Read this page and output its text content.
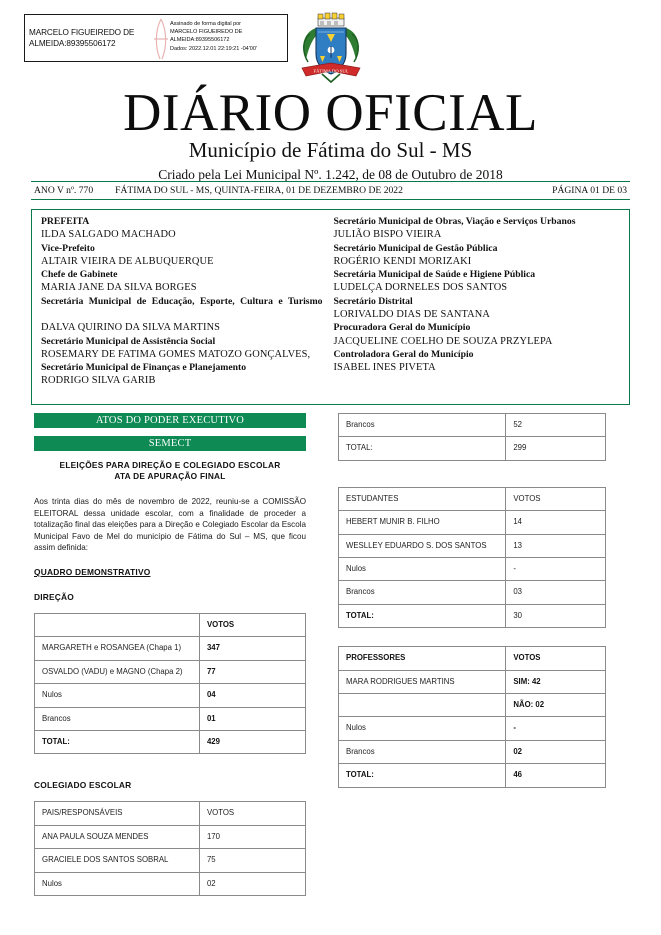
MARCELO FIGUEIREDO DE
ALMEIDA:89395506172
Assinado de forma digital por
MARCELO FIGUEIREDO DE
ALMEIDA:89395506172
Dados: 2022.12.01 22:19:21 -04'00'
FÁTIMA DO SUL
DIÁRIO OFICIAL
Município de Fátima do Sul - MS
Criado pela Lei Municipal Nº. 1.242, de 08 de Outubro de 2018
ANO V nº. 770 FÁTIMA DO SUL - MS, QUINTA-FEIRA, 01 DE DEZEMBRO DE 2022	PÁGINA 01 DE 03
PREFEITA
ILDA SALGADO MACHADO
Vice-Prefeito
ALTAIR VIEIRA DE ALBUQUERQUE
Chefe de Gabinete
MARIA JANE DA SILVA BORGES
Secretária Municipal de Educação, Esporte, Cultura e Turismo
DALVA QUIRINO DA SILVA MARTINS
Secretário Municipal de Assistência Social
ROSEMARY DE FATIMA GOMES MATOZO GONÇALVES,
Secretário Municipal de Finanças e Planejamento
RODRIGO SILVA GARIB
Secretário Municipal de Obras, Viação e Serviços Urbanos
JULIÃO BISPO VIEIRA
Secretário Municipal de Gestão Pública
ROGÉRIO KENDI MORIZAKI
Secretária Municipal de Saúde e Higiene Pública
LUDELÇA DORNELES DOS SANTOS
Secretário Distrital
LORIVALDO DIAS DE SANTANA
Procuradora Geral do Município
JACQUELINE COELHO DE SOUZA PRZYLEPA
Controladora Geral do Município
ISABEL INES PIVETA
ATOS DO PODER EXECUTIVO
SEMECT
ELEIÇÕES PARA DIREÇÃO E COLEGIADO ESCOLAR
ATA DE APURAÇÃO FINAL
Aos trinta dias do mês de novembro de 2022, reuniu-se a COMISSÃO ELEITORAL dessa unidade escolar, com a finalidade de proceder a totalização final das eleições para a Direção e Colegiado Escolar da Escola Municipal Favo de Mel do município de Fátima do Sul – MS, que ficou assim definida:
QUADRO DEMONSTRATIVO
DIREÇÃO
	VOTOS
MARGARETH e ROSANGEA (Chapa 1)	347
OSVALDO (VADU) e MAGNO (Chapa 2)	77
Nulos	04
Brancos	01
TOTAL:	429
COLEGIADO ESCOLAR
PAIS/RESPONSÁVEIS	VOTOS
ANA PAULA SOUZA MENDES	170
GRACIELE DOS SANTOS SOBRAL	75
Nulos	02
Brancos	52
TOTAL:	299
ESTUDANTES	VOTOS
HEBERT MUNIR B. FILHO	14
WESLLEY EDUARDO S. DOS SANTOS	13
Nulos	-
Brancos	03
TOTAL:	30
PROFESSORES	VOTOS
MARA RODRIGUES MARTINS	SIM: 42
	NÃO: 02
Nulos	-
Brancos	02
TOTAL:	46
